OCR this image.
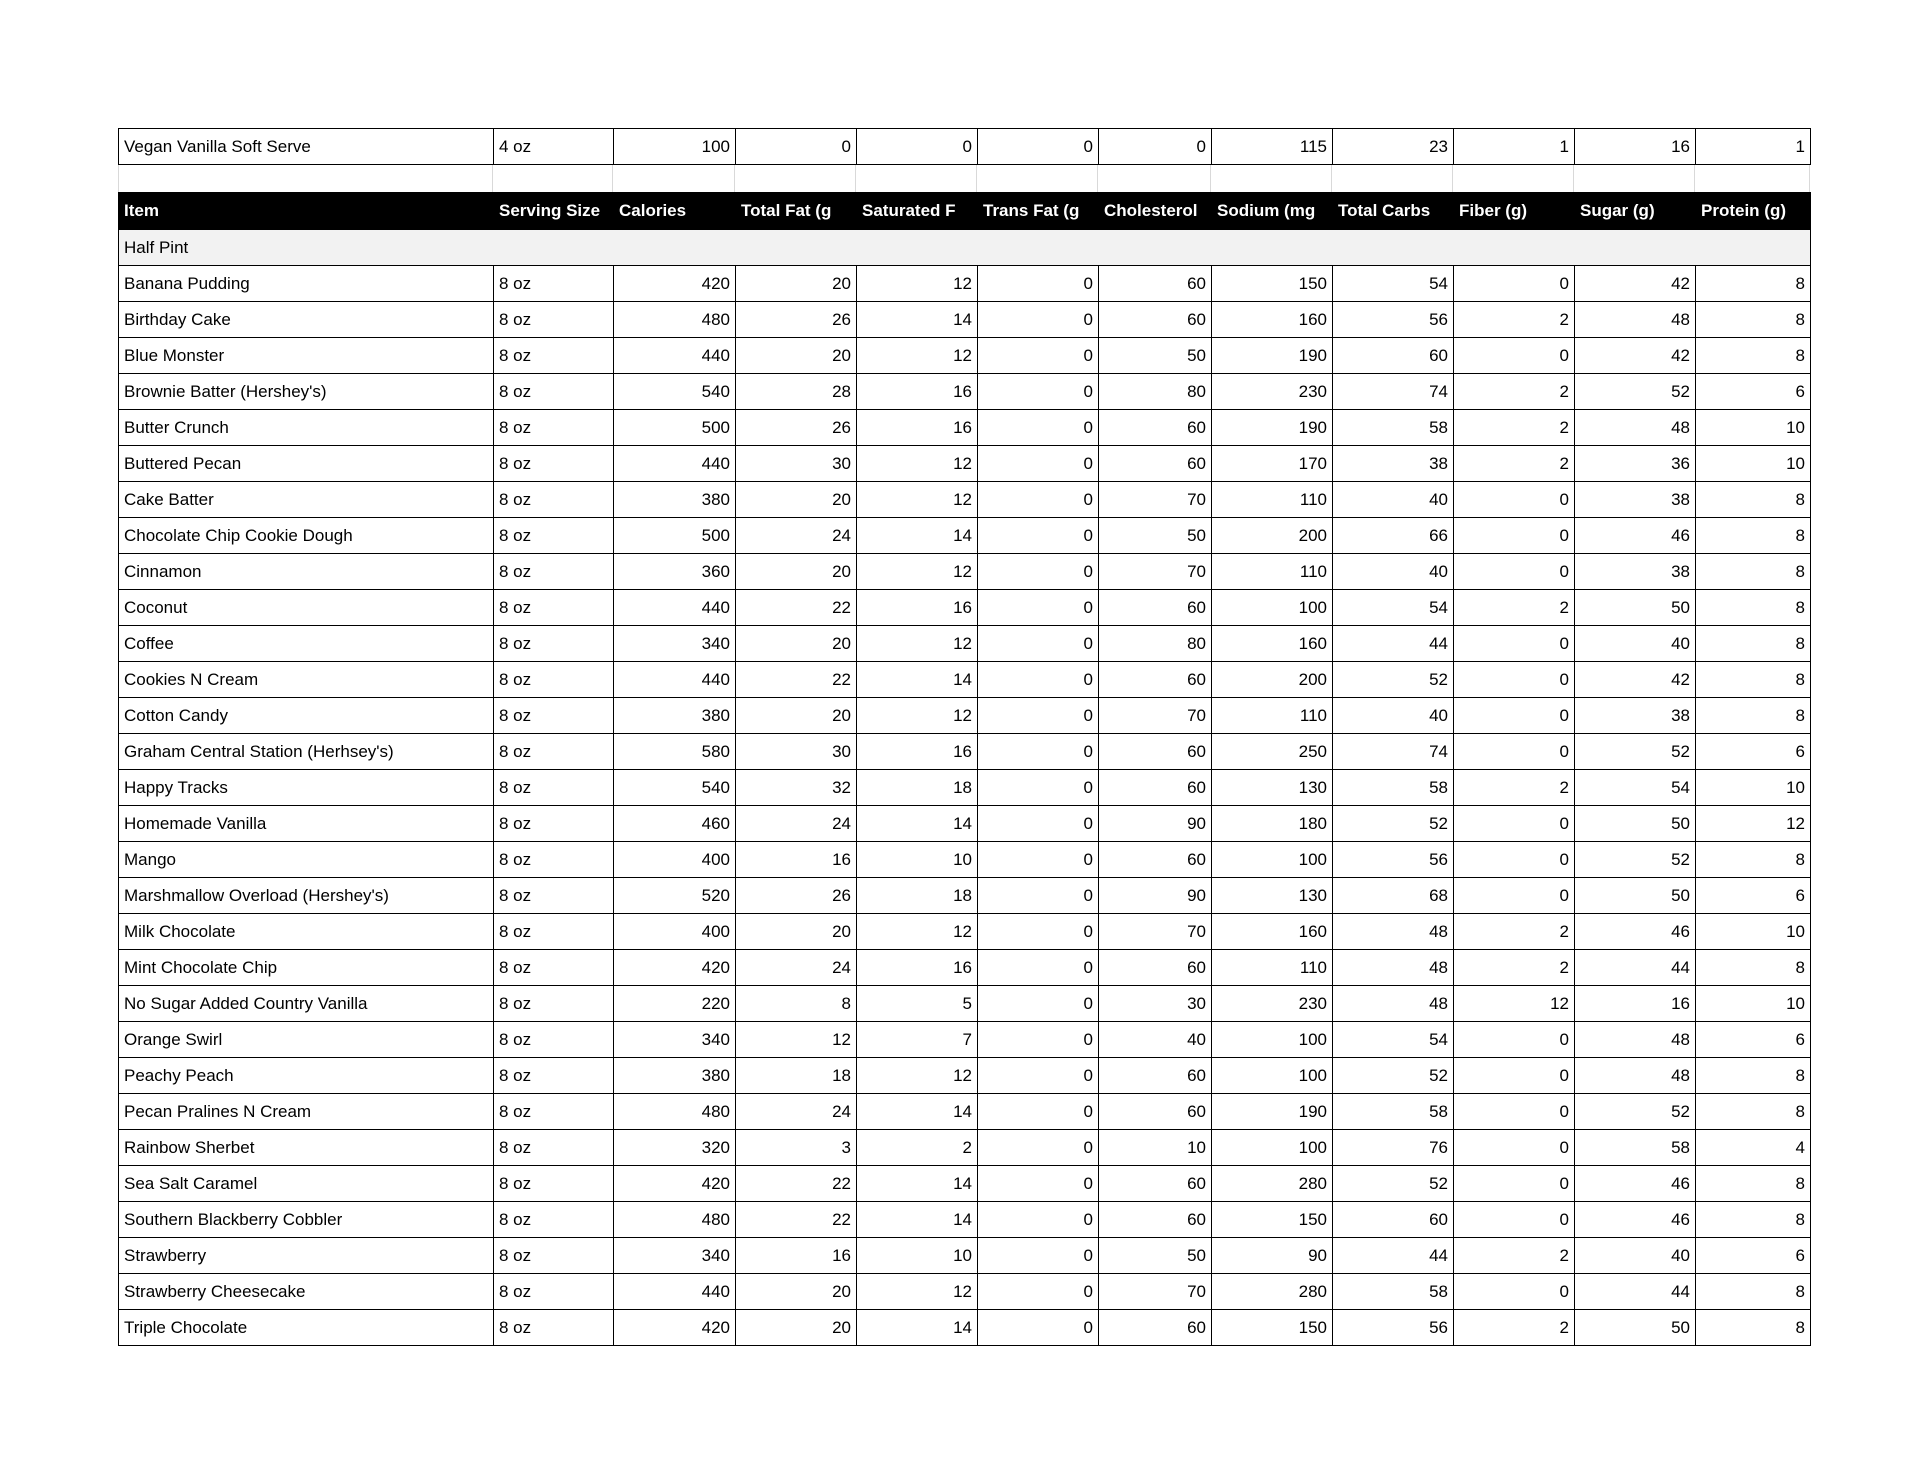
Vegan Vanilla Soft Serve	4 oz	100	0	0	0	0	115	23	1	16	1
Item	Serving Size	Calories	Total Fat (g	Saturated F	Trans Fat (g	Cholesterol	Sodium (mg	Total Carbs	Fiber (g)	Sugar (g)	Protein (g)
Half Pint											
Banana Pudding	8 oz	420	20	12	0	60	150	54	0	42	8
Birthday Cake	8 oz	480	26	14	0	60	160	56	2	48	8
Blue Monster	8 oz	440	20	12	0	50	190	60	0	42	8
Brownie Batter (Hershey's)	8 oz	540	28	16	0	80	230	74	2	52	6
Butter Crunch	8 oz	500	26	16	0	60	190	58	2	48	10
Buttered Pecan	8 oz	440	30	12	0	60	170	38	2	36	10
Cake Batter	8 oz	380	20	12	0	70	110	40	0	38	8
Chocolate Chip Cookie Dough	8 oz	500	24	14	0	50	200	66	0	46	8
Cinnamon	8 oz	360	20	12	0	70	110	40	0	38	8
Coconut	8 oz	440	22	16	0	60	100	54	2	50	8
Coffee	8 oz	340	20	12	0	80	160	44	0	40	8
Cookies N Cream	8 oz	440	22	14	0	60	200	52	0	42	8
Cotton Candy	8 oz	380	20	12	0	70	110	40	0	38	8
Graham Central Station (Herhsey's)	8 oz	580	30	16	0	60	250	74	0	52	6
Happy Tracks	8 oz	540	32	18	0	60	130	58	2	54	10
Homemade Vanilla	8 oz	460	24	14	0	90	180	52	0	50	12
Mango	8 oz	400	16	10	0	60	100	56	0	52	8
Marshmallow Overload (Hershey's)	8 oz	520	26	18	0	90	130	68	0	50	6
Milk Chocolate	8 oz	400	20	12	0	70	160	48	2	46	10
Mint Chocolate Chip	8 oz	420	24	16	0	60	110	48	2	44	8
No Sugar Added Country Vanilla	8 oz	220	8	5	0	30	230	48	12	16	10
Orange Swirl	8 oz	340	12	7	0	40	100	54	0	48	6
Peachy Peach	8 oz	380	18	12	0	60	100	52	0	48	8
Pecan Pralines N Cream	8 oz	480	24	14	0	60	190	58	0	52	8
Rainbow Sherbet	8 oz	320	3	2	0	10	100	76	0	58	4
Sea Salt Caramel	8 oz	420	22	14	0	60	280	52	0	46	8
Southern Blackberry Cobbler	8 oz	480	22	14	0	60	150	60	0	46	8
Strawberry	8 oz	340	16	10	0	50	90	44	2	40	6
Strawberry Cheesecake	8 oz	440	20	12	0	70	280	58	0	44	8
Triple Chocolate	8 oz	420	20	14	0	60	150	56	2	50	8
